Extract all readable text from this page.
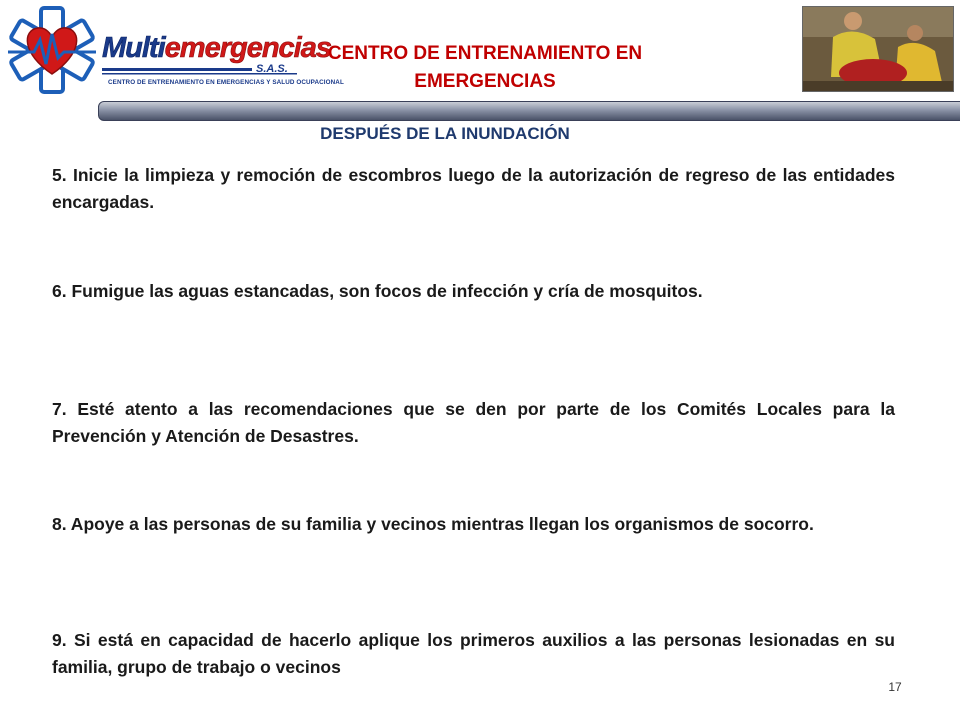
Multiemergencias
S.A.S.
CENTRO DE ENTRENAMIENTO EN EMERGENCIAS Y SALUD OCUPACIONAL
CENTRO DE ENTRENAMIENTO EN
EMERGENCIAS
DESPUÉS DE LA INUNDACIÓN
5. Inicie la limpieza y remoción de escombros luego de la autorización de regreso de las entidades encargadas.
6. Fumigue las aguas estancadas, son focos de infección y cría de mosquitos.
7. Esté atento a las recomendaciones que se den por parte de los Comités Locales para la Prevención y Atención de Desastres.
8. Apoye a las personas de su familia y vecinos mientras llegan los organismos de socorro.
9. Si está en capacidad de hacerlo aplique los primeros auxilios a las personas lesionadas en su familia, grupo de trabajo o vecinos
17
